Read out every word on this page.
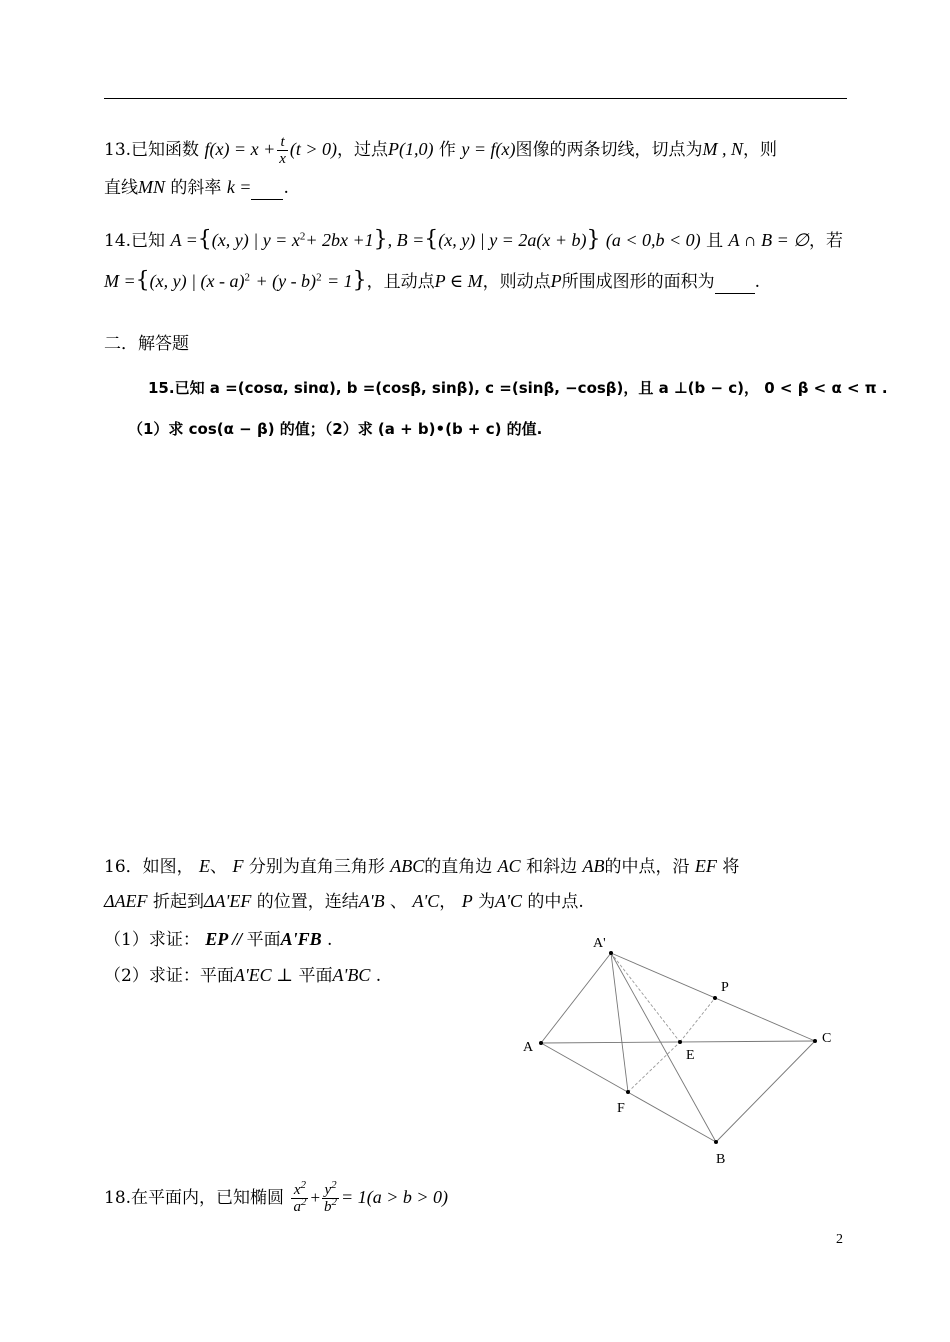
13.已知函数 $f(x) = x + \frac{t}{x} (t > 0)$，过点P(1,0) 作 y = f(x)图像的两条切线，切点为M , N，则
直线MN 的斜率 k = .
14.已知 A ={(x, y) | $y = x^2+ 2bx +1$}, B ={(x, y) | y = 2a(x + b)} (a < 0,b < 0) 且 A ∩ B = ∅，若
M ={(x, y) | (x - a)$^2$ + (y - b)$^2$ = 1}，且动点P ∈ M，则动点P所围成图形的面积为 .
二．解答题
15.已知 a =(cosα, sinα), b =(cosβ, sinβ), c =(sinβ, −cosβ)，且 a ⊥(b − c)， 0 < β < α < π .
（1）求 cos(α − β) 的值；（2）求 (a + b)•(b + c) 的值.
16．如图， E、 F 分别为直角三角形 ABC的直角边 AC 和斜边 AB的中点，沿 EF 将
ΔAEF 折起到ΔA'EF 的位置，连结A'B 、 A'C， P 为A'C 的中点.
（1）求证： EP // 平面A'FB .
（2）求证：平面A'EC ⊥ 平面A'BC .
A'
P
C
A
E
F
B
18.在平面内，已知椭圆 $\frac{x^2}{a^2} + \frac{y^2}{b^2} = 1(a > b > 0)$
2
